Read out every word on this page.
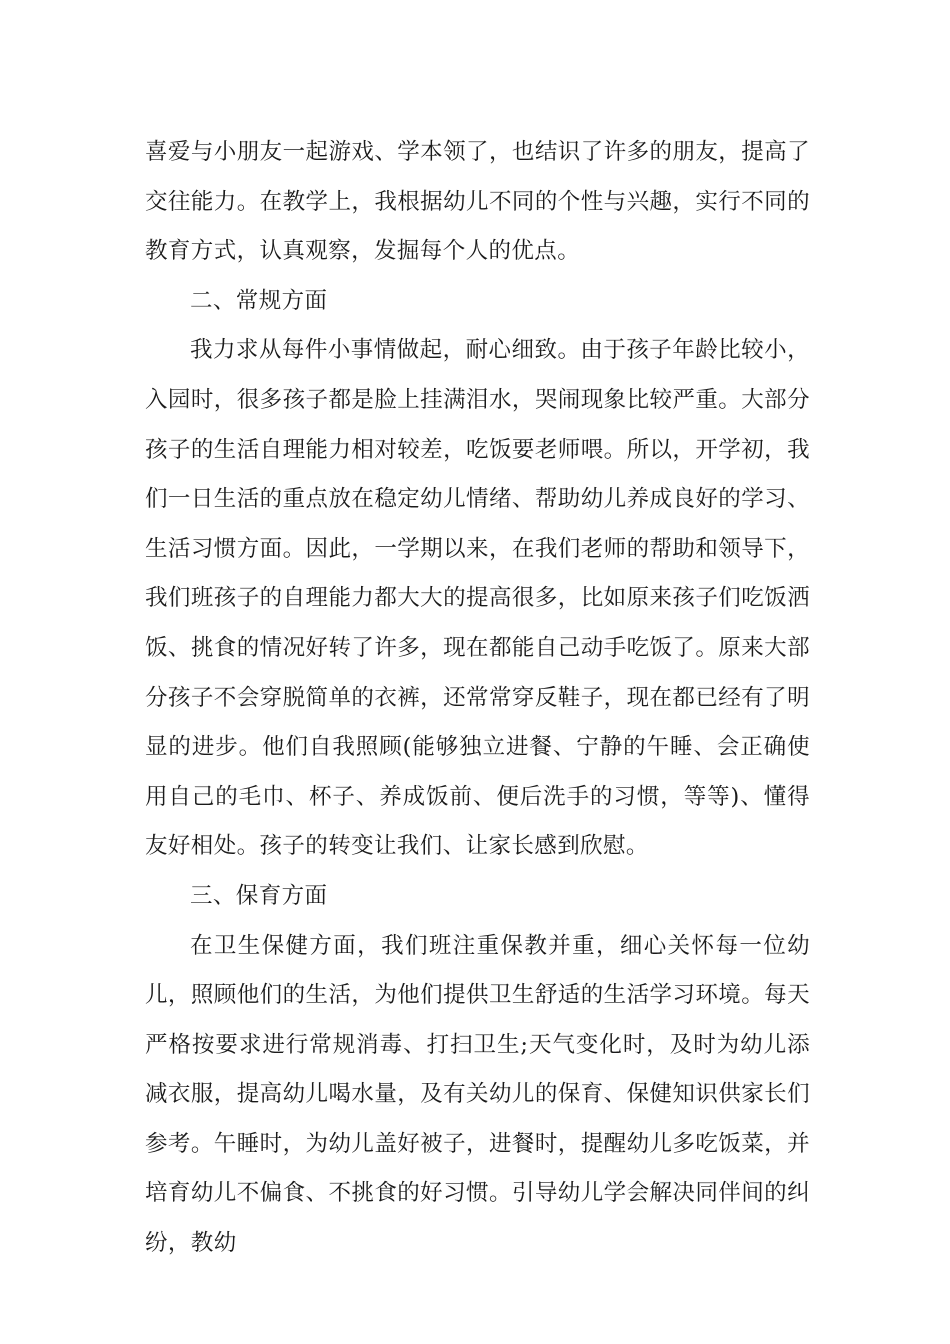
喜爱与小朋友一起游戏、学本领了，也结识了许多的朋友，提高了交往能力。在教学上，我根据幼儿不同的个性与兴趣，实行不同的教育方式，认真观察，发掘每个人的优点。

二、常规方面

我力求从每件小事情做起，耐心细致。由于孩子年龄比较小，入园时，很多孩子都是脸上挂满泪水，哭闹现象比较严重。大部分孩子的生活自理能力相对较差，吃饭要老师喂。所以，开学初，我们一日生活的重点放在稳定幼儿情绪、帮助幼儿养成良好的学习、生活习惯方面。因此，一学期以来，在我们老师的帮助和领导下，我们班孩子的自理能力都大大的提高很多，比如原来孩子们吃饭洒饭、挑食的情况好转了许多，现在都能自己动手吃饭了。原来大部分孩子不会穿脱简单的衣裤，还常常穿反鞋子，现在都已经有了明显的进步。他们自我照顾(能够独立进餐、宁静的午睡、会正确使用自己的毛巾、杯子、养成饭前、便后洗手的习惯，等等)、懂得友好相处。孩子的转变让我们、让家长感到欣慰。

三、保育方面

在卫生保健方面，我们班注重保教并重，细心关怀每一位幼儿，照顾他们的生活，为他们提供卫生舒适的生活学习环境。每天严格按要求进行常规消毒、打扫卫生;天气变化时，及时为幼儿添减衣服，提高幼儿喝水量，及有关幼儿的保育、保健知识供家长们参考。午睡时，为幼儿盖好被子，进餐时，提醒幼儿多吃饭菜，并培育幼儿不偏食、不挑食的好习惯。引导幼儿学会解决同伴间的纠纷，教幼
